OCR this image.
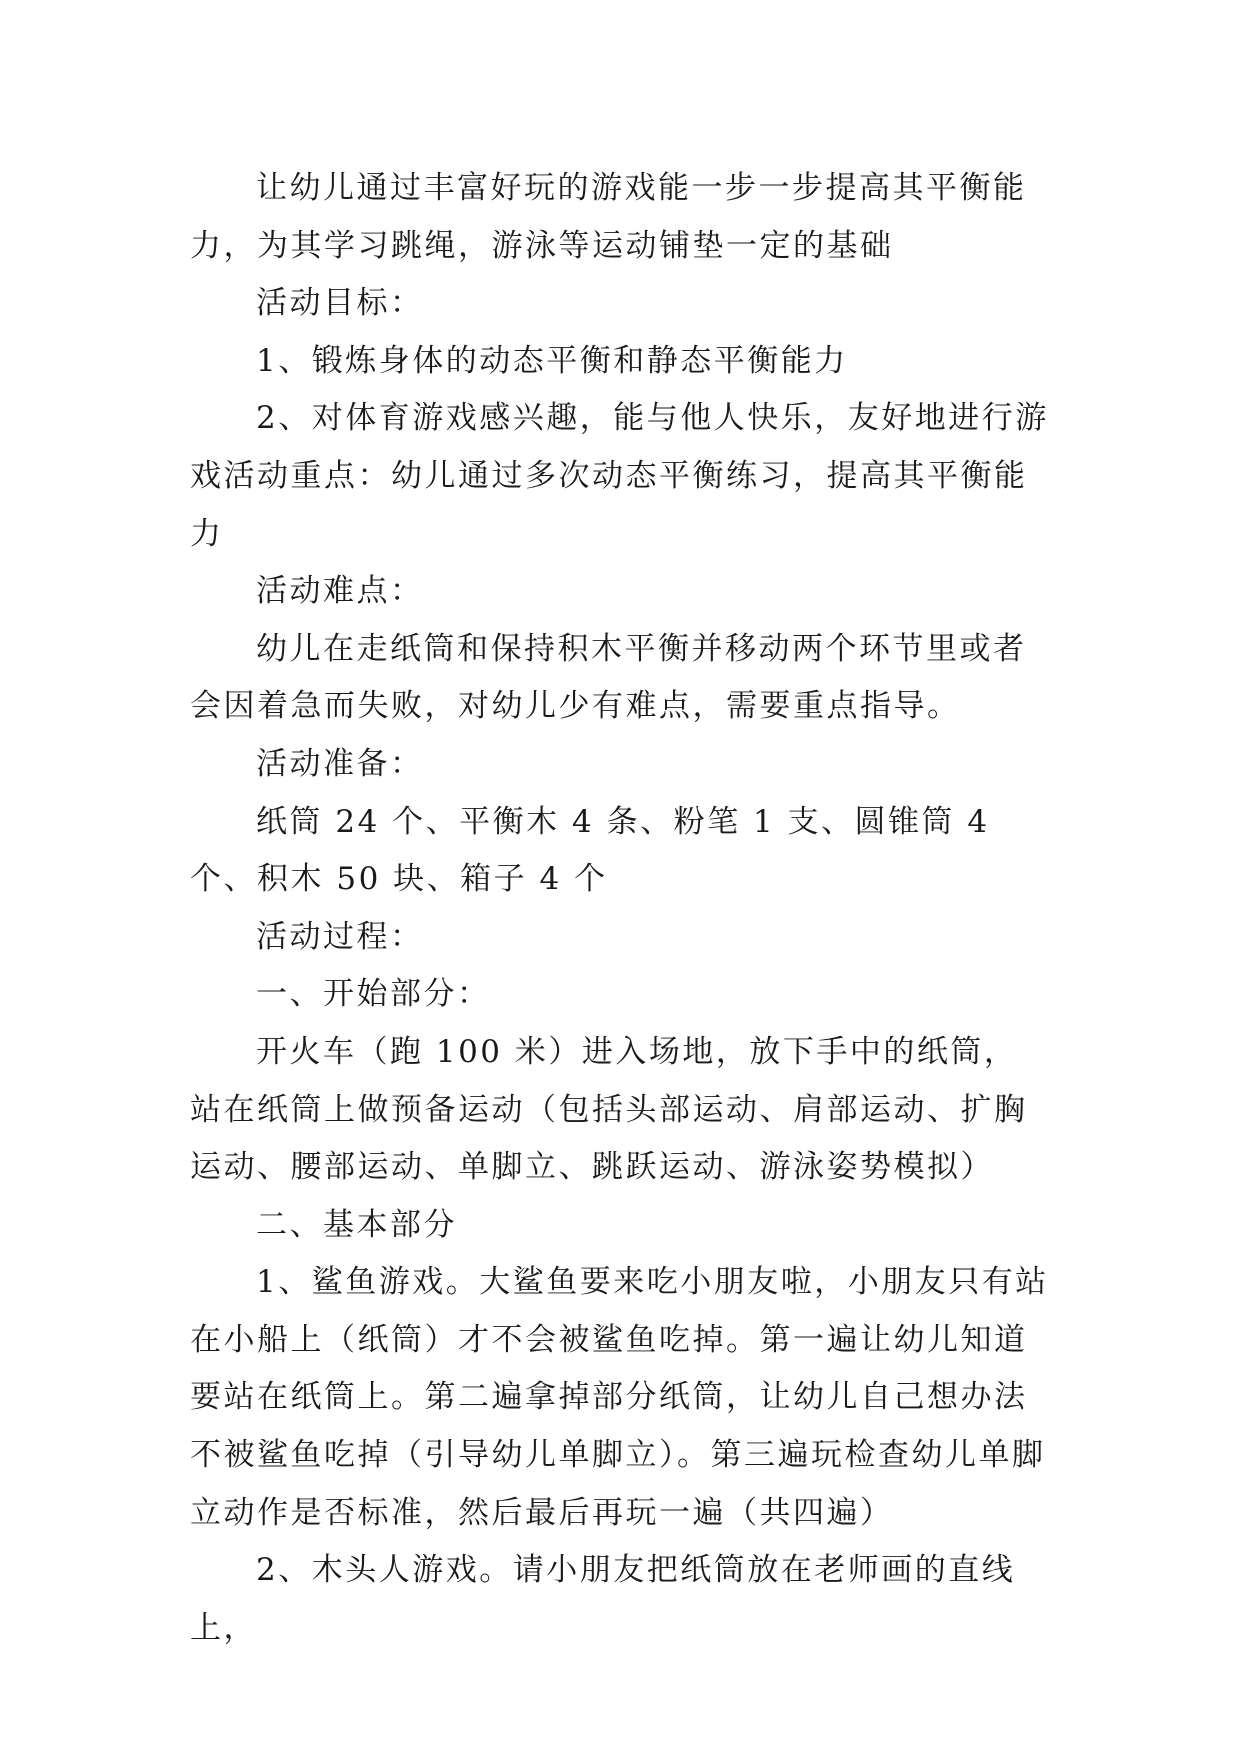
让幼儿通过丰富好玩的游戏能一步一步提高其平衡能力，为其学习跳绳，游泳等运动铺垫一定的基础

活动目标：

1、锻炼身体的动态平衡和静态平衡能力

2、对体育游戏感兴趣，能与他人快乐，友好地进行游戏活动重点：幼儿通过多次动态平衡练习，提高其平衡能力

活动难点：

幼儿在走纸筒和保持积木平衡并移动两个环节里或者会因着急而失败，对幼儿少有难点，需要重点指导。

活动准备：

纸筒 24 个、平衡木 4 条、粉笔 1 支、圆锥筒 4 个、积木 50 块、箱子 4 个

活动过程：

一、开始部分：

开火车（跑 100 米）进入场地，放下手中的纸筒，站在纸筒上做预备运动（包括头部运动、肩部运动、扩胸运动、腰部运动、单脚立、跳跃运动、游泳姿势模拟）

二、基本部分

1、鲨鱼游戏。大鲨鱼要来吃小朋友啦，小朋友只有站在小船上（纸筒）才不会被鲨鱼吃掉。第一遍让幼儿知道要站在纸筒上。第二遍拿掉部分纸筒，让幼儿自己想办法不被鲨鱼吃掉（引导幼儿单脚立）。第三遍玩检查幼儿单脚立动作是否标准，然后最后再玩一遍（共四遍）

2、木头人游戏。请小朋友把纸筒放在老师画的直线上，
